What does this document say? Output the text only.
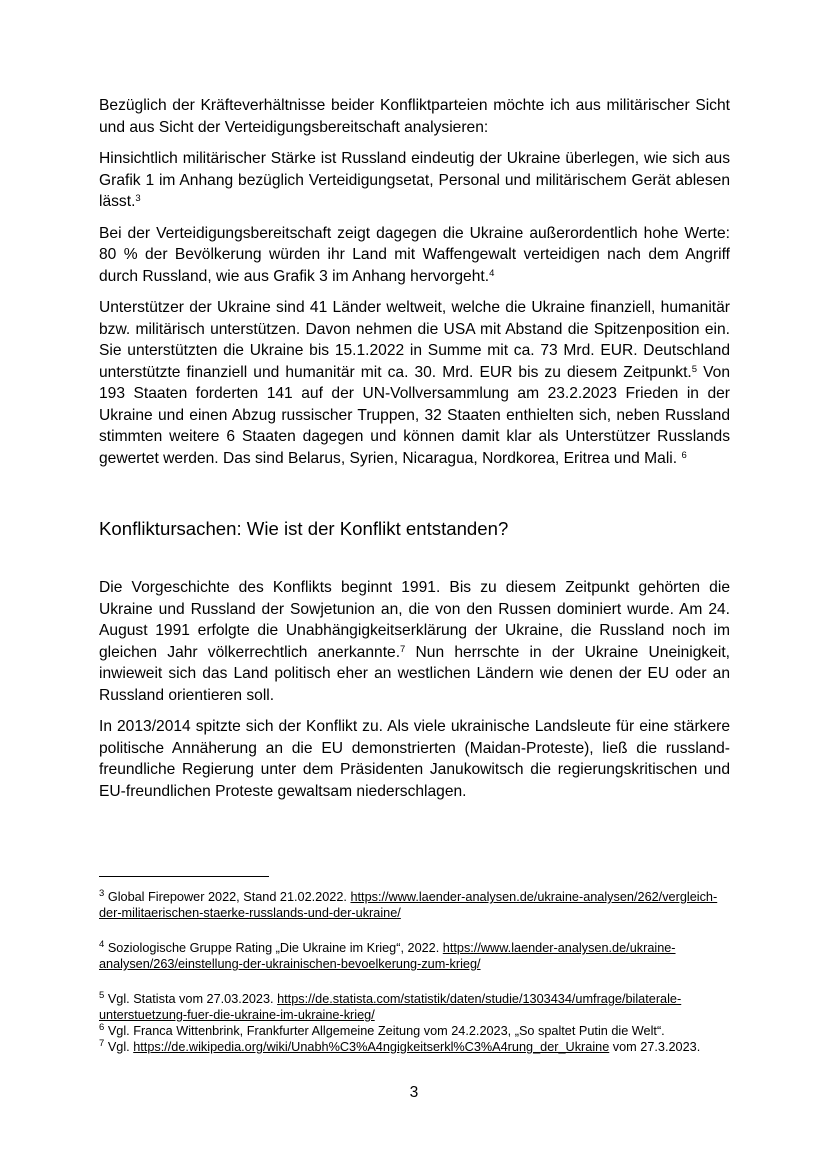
Bezüglich der Kräfteverhältnisse beider Konfliktparteien möchte ich aus militärischer Sicht und aus Sicht der Verteidigungsbereitschaft analysieren:

Hinsichtlich militärischer Stärke ist Russland eindeutig der Ukraine überlegen, wie sich aus Grafik 1 im Anhang bezüglich Verteidigungsetat, Personal und militärischem Gerät ablesen lässt.$^3$

Bei der Verteidigungsbereitschaft zeigt dagegen die Ukraine außerordentlich hohe Werte: 80 % der Bevölkerung würden ihr Land mit Waffengewalt verteidigen nach dem Angriff durch Russland, wie aus Grafik 3 im Anhang hervorgeht.$^4$

Unterstützer der Ukraine sind 41 Länder weltweit, welche die Ukraine finanziell, humanitär bzw. militärisch unterstützen. Davon nehmen die USA mit Abstand die Spitzenposition ein. Sie unterstützten die Ukraine bis 15.1.2022 in Summe mit ca. 73 Mrd. EUR. Deutschland unterstützte finanziell und humanitär mit ca. 30. Mrd. EUR bis zu diesem Zeitpunkt.$^5$ Von 193 Staaten forderten 141 auf der UN-Vollversammlung am 23.2.2023 Frieden in der Ukraine und einen Abzug russischer Truppen, 32 Staaten enthielten sich, neben Russland stimmten weitere 6 Staaten dagegen und können damit klar als Unterstützer Russlands gewertet werden. Das sind Belarus, Syrien, Nicaragua, Nordkorea, Eritrea und Mali. $^6$

Konfliktursachen: Wie ist der Konflikt entstanden?

Die Vorgeschichte des Konflikts beginnt 1991. Bis zu diesem Zeitpunkt gehörten die Ukraine und Russland der Sowjetunion an, die von den Russen dominiert wurde. Am 24. August 1991 erfolgte die Unabhängigkeitserklärung der Ukraine, die Russland noch im gleichen Jahr völkerrechtlich anerkannte.$^7$ Nun herrschte in der Ukraine Uneinigkeit, inwieweit sich das Land politisch eher an westlichen Ländern wie denen der EU oder an Russland orientieren soll.

In 2013/2014 spitzte sich der Konflikt zu. Als viele ukrainische Landsleute für eine stärkere politische Annäherung an die EU demonstrierten (Maidan-Proteste), ließ die russland-freundliche Regierung unter dem Präsidenten Janukowitsch die regierungskritischen und EU-freundlichen Proteste gewaltsam niederschlagen.

$^3$ Global Firepower 2022, Stand 21.02.2022. https://www.laender-analysen.de/ukraine-analysen/262/vergleich-der-militaerischen-staerke-russlands-und-der-ukraine/

$^4$ Soziologische Gruppe Rating „Die Ukraine im Krieg“, 2022. https://www.laender-analysen.de/ukraine-analysen/263/einstellung-der-ukrainischen-bevoelkerung-zum-krieg/

$^5$ Vgl. Statista vom 27.03.2023. https://de.statista.com/statistik/daten/studie/1303434/umfrage/bilaterale-unterstuetzung-fuer-die-ukraine-im-ukraine-krieg/

$^6$ Vgl. Franca Wittenbrink, Frankfurter Allgemeine Zeitung vom 24.2.2023, „So spaltet Putin die Welt“.

$^7$ Vgl. https://de.wikipedia.org/wiki/Unabh%C3%A4ngigkeitserkl%C3%A4rung_der_Ukraine vom 27.3.2023.

3
